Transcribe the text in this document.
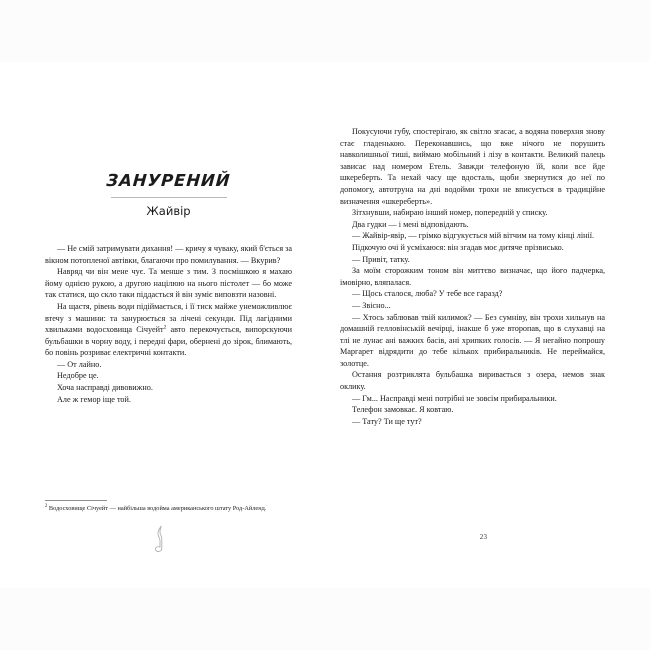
ЗАНУРЕНИЙ

Жайвір

— Не смій затримувати дихання! — кричу я чуваку, який б'ється за вікном потопленої автівки, благаючи про помилування. — Вкурив?

Навряд чи він мене чує. Та менше з тим. З посмішкою я махаю йому однією рукою, а другою націлюю на нього пістолет — бо може так статися, що скло таки піддасться й він зуміє виповзти назовні.

На щастя, рівень води підіймається, і її тиск майже унеможливлює втечу з машини: та занурюється за лічені секунди. Під лагідними хвильками водосховища Січуейт$^2$ авто перекочується, випорскуючи бульбашки в чорну воду, і передні фари, обернені до зірок, блимають, бо повінь розриває електричні контакти.

— От лайно.

Недобре це.

Хоча насправді дивовижно.

Але ж гемор іще той.

$^2$ Водосховище Січуейт — найбільша водойма американського штату Род-Айленд.

Покусуючи губу, спостерігаю, як світло згасає, а водяна поверхня знову стає гладенькою. Переконавшись, що вже нічого не порушить навколишньої тиші, виймаю мобільний і лізу в контакти. Великий палець зависає над номером Етель. Завжди телефоную їй, коли все йде шкереберть. Та нехай часу ще вдосталь, щоби звернутися до неї по допомогу, автотруна на дні водойми трохи не вписується в традиційне визначення «шкереберть».

Зітхнувши, набираю інший номер, попередній у списку.

Два гудки — і мені відповідають.

— Жайвір-явір, — грімко відгукується мій вітчим на тому кінці лінії.

Підкочую очі й усміхаюся: він згадав моє дитяче прізвисько.

— Привіт, татку.

За моїм сторожким тоном він миттєво визначає, що його падчерка, імовірно, вляпалася.

— Щось сталося, люба? У тебе все гаразд?

— Звісно...

— Хтось заблював твій килимок? — Без сумніву, він трохи хильнув на домашній гелловінській вечірці, інакше б уже второпав, що в слухавці на тлі не лунає ані важких басів, ані хрипких голосів. — Я негайно попрошу Маргарет відрядити до тебе кількох прибиральників. Не переймайся, золотце.

Остання розтриклята бульбашка виривається з озера, немов знак оклику.

— Гм... Насправді мені потрібні не зовсім прибиральники.

Телефон замовкає. Я ковтаю.

— Тату? Ти ще тут?

23
